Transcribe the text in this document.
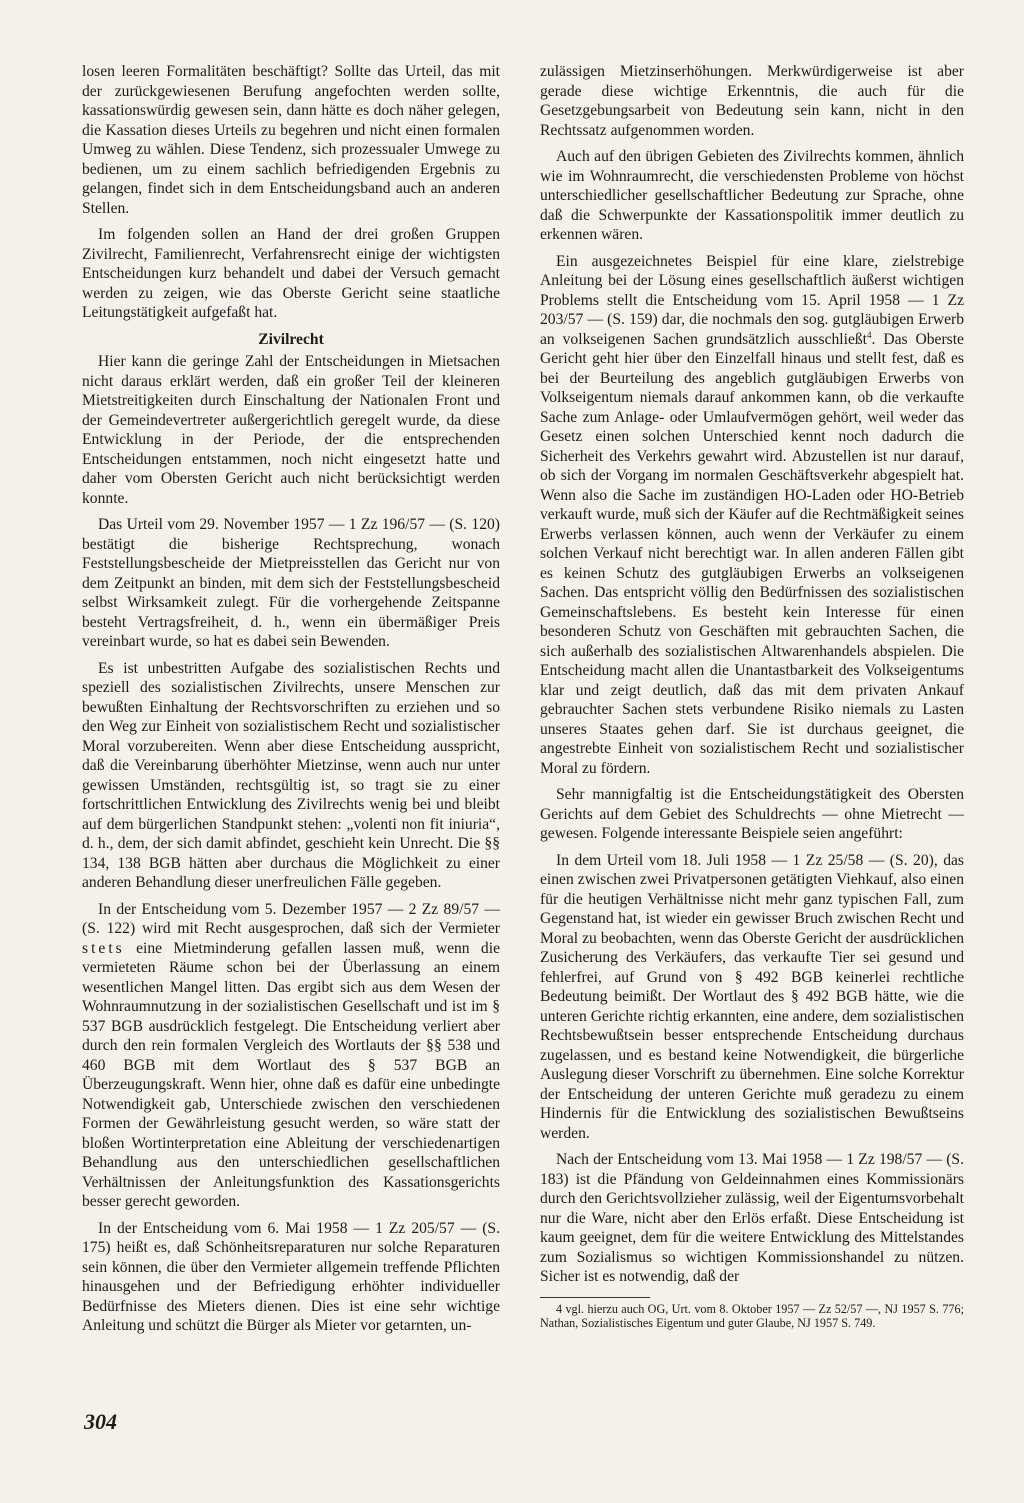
losen leeren Formalitäten beschäftigt? Sollte das Urteil, das mit der zurückgewiesenen Berufung angefochten werden sollte, kassationswürdig gewesen sein, dann hätte es doch näher gelegen, die Kassation dieses Urteils zu begehren und nicht einen formalen Umweg zu wählen. Diese Tendenz, sich prozessualer Umwege zu bedienen, um zu einem sachlich befriedigenden Ergebnis zu gelangen, findet sich in dem Entscheidungsband auch an anderen Stellen.

Im folgenden sollen an Hand der drei großen Gruppen Zivilrecht, Familienrecht, Verfahrensrecht einige der wichtigsten Entscheidungen kurz behandelt und dabei der Versuch gemacht werden zu zeigen, wie das Oberste Gericht seine staatliche Leitungstätigkeit aufgefaßt hat.

Zivilrecht

Hier kann die geringe Zahl der Entscheidungen in Mietsachen nicht daraus erklärt werden, daß ein großer Teil der kleineren Mietstreitigkeiten durch Einschaltung der Nationalen Front und der Gemeindevertreter außergerichtlich geregelt wurde, da diese Entwicklung in der Periode, der die entsprechenden Entscheidungen entstammen, noch nicht eingesetzt hatte und daher vom Obersten Gericht auch nicht berücksichtigt werden konnte.

Das Urteil vom 29. November 1957 — 1 Zz 196/57 — (S. 120) bestätigt die bisherige Rechtsprechung, wonach Feststellungsbescheide der Mietpreisstellen das Gericht nur von dem Zeitpunkt an binden, mit dem sich der Feststellungsbescheid selbst Wirksamkeit zulegt. Für die vorhergehende Zeitspanne besteht Vertragsfreiheit, d. h., wenn ein übermäßiger Preis vereinbart wurde, so hat es dabei sein Bewenden.

Es ist unbestritten Aufgabe des sozialistischen Rechts und speziell des sozialistischen Zivilrechts, unsere Menschen zur bewußten Einhaltung der Rechtsvorschriften zu erziehen und so den Weg zur Einheit von sozialistischem Recht und sozialistischer Moral vorzubereiten. Wenn aber diese Entscheidung ausspricht, daß die Vereinbarung überhöhter Mietzinse, wenn auch nur unter gewissen Umständen, rechtsgültig ist, so tragt sie zu einer fortschrittlichen Entwicklung des Zivilrechts wenig bei und bleibt auf dem bürgerlichen Standpunkt stehen: „volenti non fit iniuria“, d. h., dem, der sich damit abfindet, geschieht kein Unrecht. Die §§ 134, 138 BGB hätten aber durchaus die Möglichkeit zu einer anderen Behandlung dieser unerfreulichen Fälle gegeben.

In der Entscheidung vom 5. Dezember 1957 — 2 Zz 89/57 — (S. 122) wird mit Recht ausgesprochen, daß sich der Vermieter stets eine Mietminderung gefallen lassen muß, wenn die vermieteten Räume schon bei der Überlassung an einem wesentlichen Mangel litten. Das ergibt sich aus dem Wesen der Wohnraumnutzung in der sozialistischen Gesellschaft und ist im § 537 BGB ausdrücklich festgelegt. Die Entscheidung verliert aber durch den rein formalen Vergleich des Wortlauts der §§ 538 und 460 BGB mit dem Wortlaut des § 537 BGB an Überzeugungskraft. Wenn hier, ohne daß es dafür eine unbedingte Notwendigkeit gab, Unterschiede zwischen den verschiedenen Formen der Gewährleistung gesucht werden, so wäre statt der bloßen Wortinterpretation eine Ableitung der verschiedenartigen Behandlung aus den unterschiedlichen gesellschaftlichen Verhältnissen der Anleitungsfunktion des Kassationsgerichts besser gerecht geworden.

In der Entscheidung vom 6. Mai 1958 — 1 Zz 205/57 — (S. 175) heißt es, daß Schönheitsreparaturen nur solche Reparaturen sein können, die über den Vermieter allgemein treffende Pflichten hinausgehen und der Befriedigung erhöhter individueller Bedürfnisse des Mieters dienen. Dies ist eine sehr wichtige Anleitung und schützt die Bürger als Mieter vor getarnten, un-

zulässigen Mietzinserhöhungen. Merkwürdigerweise ist aber gerade diese wichtige Erkenntnis, die auch für die Gesetzgebungsarbeit von Bedeutung sein kann, nicht in den Rechtssatz aufgenommen worden.

Auch auf den übrigen Gebieten des Zivilrechts kommen, ähnlich wie im Wohnraumrecht, die verschiedensten Probleme von höchst unterschiedlicher gesellschaftlicher Bedeutung zur Sprache, ohne daß die Schwerpunkte der Kassationspolitik immer deutlich zu erkennen wären.

Ein ausgezeichnetes Beispiel für eine klare, zielstrebige Anleitung bei der Lösung eines gesellschaftlich äußerst wichtigen Problems stellt die Entscheidung vom 15. April 1958 — 1 Zz 203/57 — (S. 159) dar, die nochmals den sog. gutgläubigen Erwerb an volkseigenen Sachen grundsätzlich ausschließt$^4$. Das Oberste Gericht geht hier über den Einzelfall hinaus und stellt fest, daß es bei der Beurteilung des angeblich gutgläubigen Erwerbs von Volkseigentum niemals darauf ankommen kann, ob die verkaufte Sache zum Anlage- oder Umlaufvermögen gehört, weil weder das Gesetz einen solchen Unterschied kennt noch dadurch die Sicherheit des Verkehrs gewahrt wird. Abzustellen ist nur darauf, ob sich der Vorgang im normalen Geschäftsverkehr abgespielt hat. Wenn also die Sache im zuständigen HO-Laden oder HO-Betrieb verkauft wurde, muß sich der Käufer auf die Rechtmäßigkeit seines Erwerbs verlassen können, auch wenn der Verkäufer zu einem solchen Verkauf nicht berechtigt war. In allen anderen Fällen gibt es keinen Schutz des gutgläubigen Erwerbs an volkseigenen Sachen. Das entspricht völlig den Bedürfnissen des sozialistischen Gemeinschaftslebens. Es besteht kein Interesse für einen besonderen Schutz von Geschäften mit gebrauchten Sachen, die sich außerhalb des sozialistischen Altwarenhandels abspielen. Die Entscheidung macht allen die Unantastbarkeit des Volkseigentums klar und zeigt deutlich, daß das mit dem privaten Ankauf gebrauchter Sachen stets verbundene Risiko niemals zu Lasten unseres Staates gehen darf. Sie ist durchaus geeignet, die angestrebte Einheit von sozialistischem Recht und sozialistischer Moral zu fördern.

Sehr mannigfaltig ist die Entscheidungstätigkeit des Obersten Gerichts auf dem Gebiet des Schuldrechts — ohne Mietrecht — gewesen. Folgende interessante Beispiele seien angeführt:

In dem Urteil vom 18. Juli 1958 — 1 Zz 25/58 — (S. 20), das einen zwischen zwei Privatpersonen getätigten Viehkauf, also einen für die heutigen Verhältnisse nicht mehr ganz typischen Fall, zum Gegenstand hat, ist wieder ein gewisser Bruch zwischen Recht und Moral zu beobachten, wenn das Oberste Gericht der ausdrücklichen Zusicherung des Verkäufers, das verkaufte Tier sei gesund und fehlerfrei, auf Grund von § 492 BGB keinerlei rechtliche Bedeutung beimißt. Der Wortlaut des § 492 BGB hätte, wie die unteren Gerichte richtig erkannten, eine andere, dem sozialistischen Rechtsbewußtsein besser entsprechende Entscheidung durchaus zugelassen, und es bestand keine Notwendigkeit, die bürgerliche Auslegung dieser Vorschrift zu übernehmen. Eine solche Korrektur der Entscheidung der unteren Gerichte muß geradezu zu einem Hindernis für die Entwicklung des sozialistischen Bewußtseins werden.

Nach der Entscheidung vom 13. Mai 1958 — 1 Zz 198/57 — (S. 183) ist die Pfändung von Geldeinnahmen eines Kommissionärs durch den Gerichtsvollzieher zulässig, weil der Eigentumsvorbehalt nur die Ware, nicht aber den Erlös erfaßt. Diese Entscheidung ist kaum geeignet, dem für die weitere Entwicklung des Mittelstandes zum Sozialismus so wichtigen Kommissionshandel zu nützen. Sicher ist es notwendig, daß der

4 vgl. hierzu auch OG, Urt. vom 8. Oktober 1957 — Zz 52/57 —, NJ 1957 S. 776; Nathan, Sozialistisches Eigentum und guter Glaube, NJ 1957 S. 749.

304
